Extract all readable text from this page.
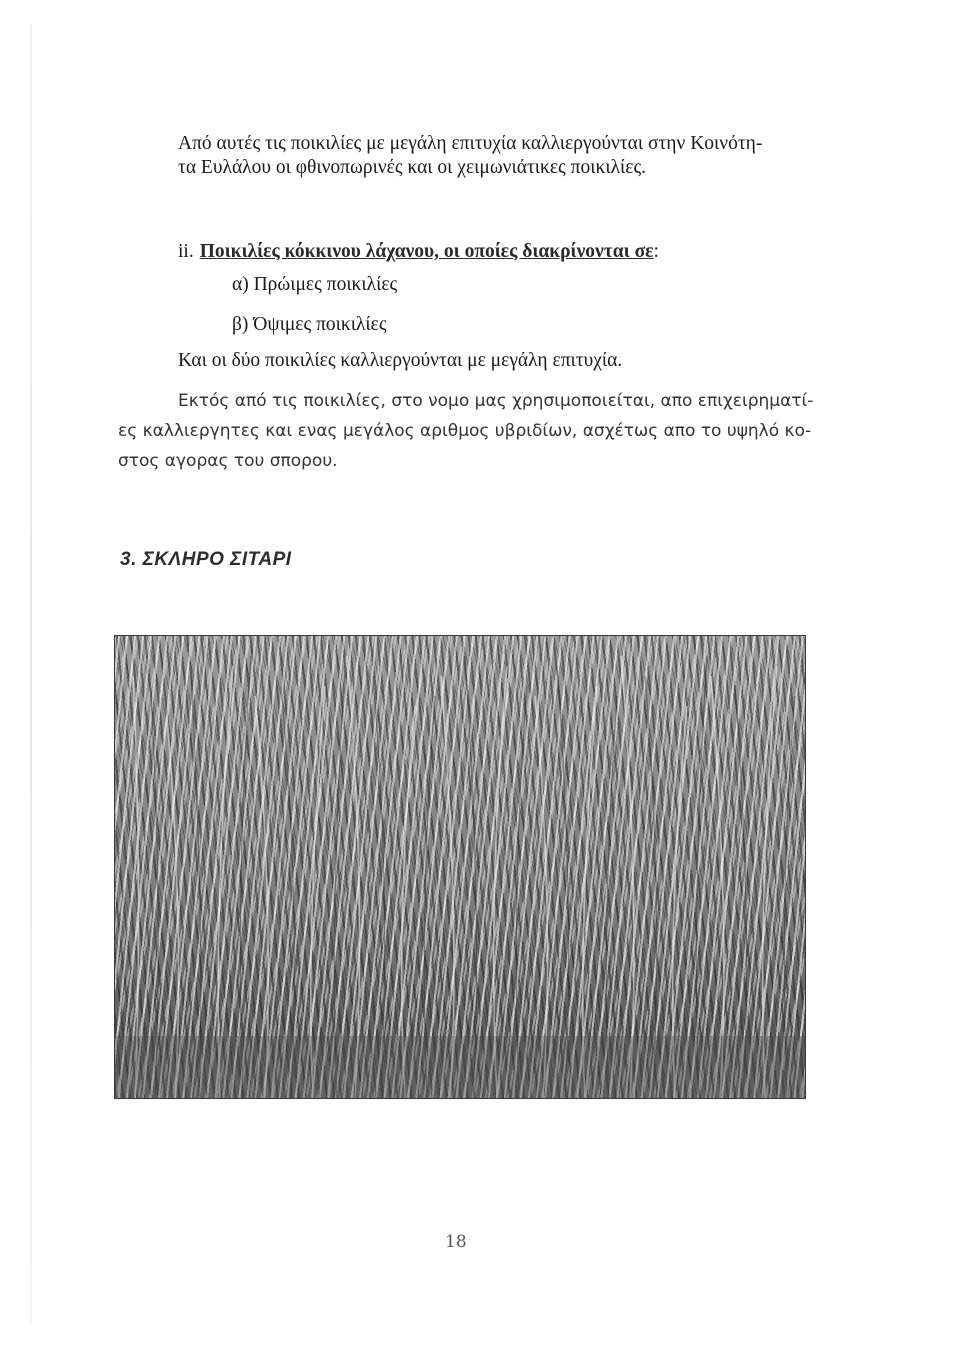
Από αυτές τις ποικιλίες με μεγάλη επιτυχία καλλιεργούνται στην Κοινότη-
τα Ευλάλου οι φθινοπωρινές και οι χειμωνιάτικες ποικιλίες.

ii. Ποικιλίες κόκκινου λάχανου, οι οποίες διακρίνονται σε:

α) Πρώιμες ποικιλίες

β) Όψιμες ποικιλίες

Και οι δύο ποικιλίες καλλιεργούνται με μεγάλη επιτυχία.

Εκτός από τις ποικιλίες, στο νομο μας χρησιμοποιείται, απο επιχειρηματί-
ες καλλιεργητες και ενας μεγάλος αριθμος υβριδίων, ασχέτως απο το υψηλό κο-
στος αγορας του σπορου.

3. ΣΚΛΗΡΟ ΣΙΤΑΡΙ
18
